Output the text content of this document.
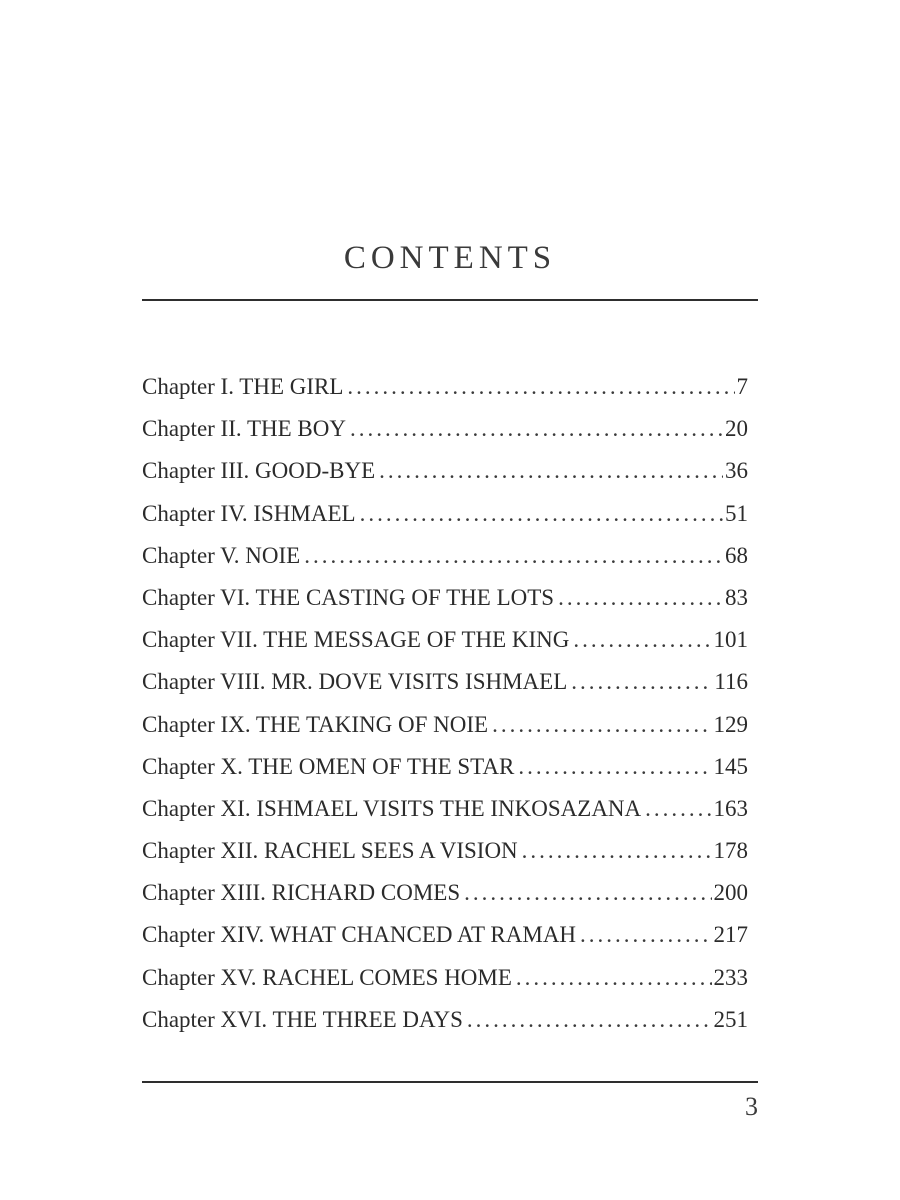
CONTENTS
Chapter I. THE GIRL .....	7
Chapter II. THE BOY .....	20
Chapter III. GOOD-BYE .....	36
Chapter IV. ISHMAEL .....	51
Chapter V. NOIE .....	68
Chapter VI. THE CASTING OF THE LOTS .....	83
Chapter VII. THE MESSAGE OF THE KING .....	101
Chapter VIII. MR. DOVE VISITS ISHMAEL .....	116
Chapter IX. THE TAKING OF NOIE .....	129
Chapter X. THE OMEN OF THE STAR .....	145
Chapter XI. ISHMAEL VISITS THE INKOSAZANA .....	163
Chapter XII. RACHEL SEES A VISION .....	178
Chapter XIII. RICHARD COMES .....	200
Chapter XIV. WHAT CHANCED AT RAMAH .....	217
Chapter XV. RACHEL COMES HOME .....	233
Chapter XVI. THE THREE DAYS .....	251
3
